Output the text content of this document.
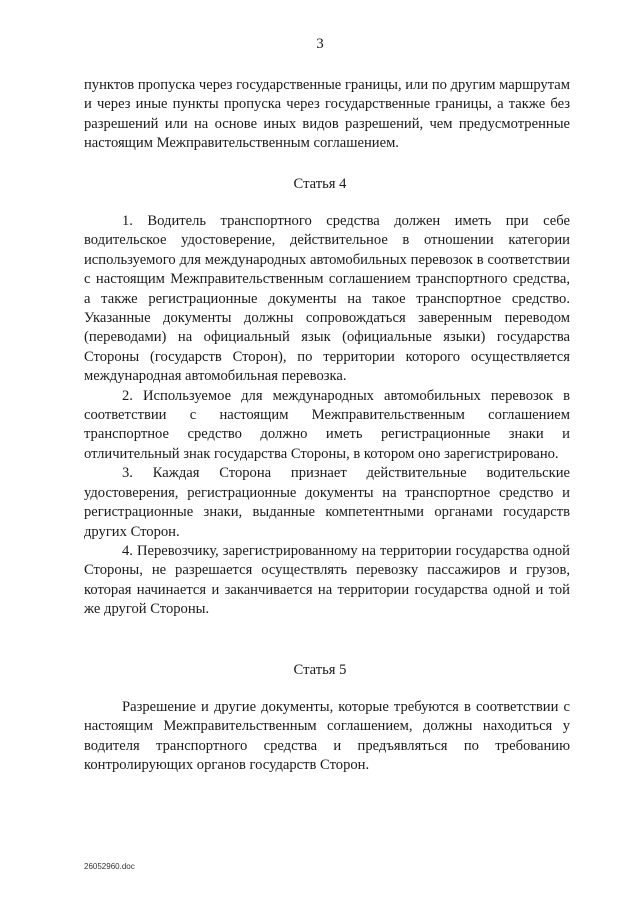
3

пунктов пропуска через государственные границы, или по другим маршрутам и через иные пункты пропуска через государственные границы, а также без разрешений или на основе иных видов разрешений, чем предусмотренные настоящим Межправительственным соглашением.

Статья 4

1. Водитель транспортного средства должен иметь при себе водительское удостоверение, действительное в отношении категории используемого для международных автомобильных перевозок в соответствии с настоящим Межправительственным соглашением транспортного средства, а также регистрационные документы на такое транспортное средство. Указанные документы должны сопровождаться заверенным переводом (переводами) на официальный язык (официальные языки) государства Стороны (государств Сторон), по территории которого осуществляется международная автомобильная перевозка.

2. Используемое для международных автомобильных перевозок в соответствии с настоящим Межправительственным соглашением транспортное средство должно иметь регистрационные знаки и отличительный знак государства Стороны, в котором оно зарегистрировано.

3. Каждая Сторона признает действительные водительские удостоверения, регистрационные документы на транспортное средство и регистрационные знаки, выданные компетентными органами государств других Сторон.

4. Перевозчику, зарегистрированному на территории государства одной Стороны, не разрешается осуществлять перевозку пассажиров и грузов, которая начинается и заканчивается на территории государства одной и той же другой Стороны.

Статья 5

Разрешение и другие документы, которые требуются в соответствии с настоящим Межправительственным соглашением, должны находиться у водителя транспортного средства и предъявляться по требованию контролирующих органов государств Сторон.

26052960.doc
